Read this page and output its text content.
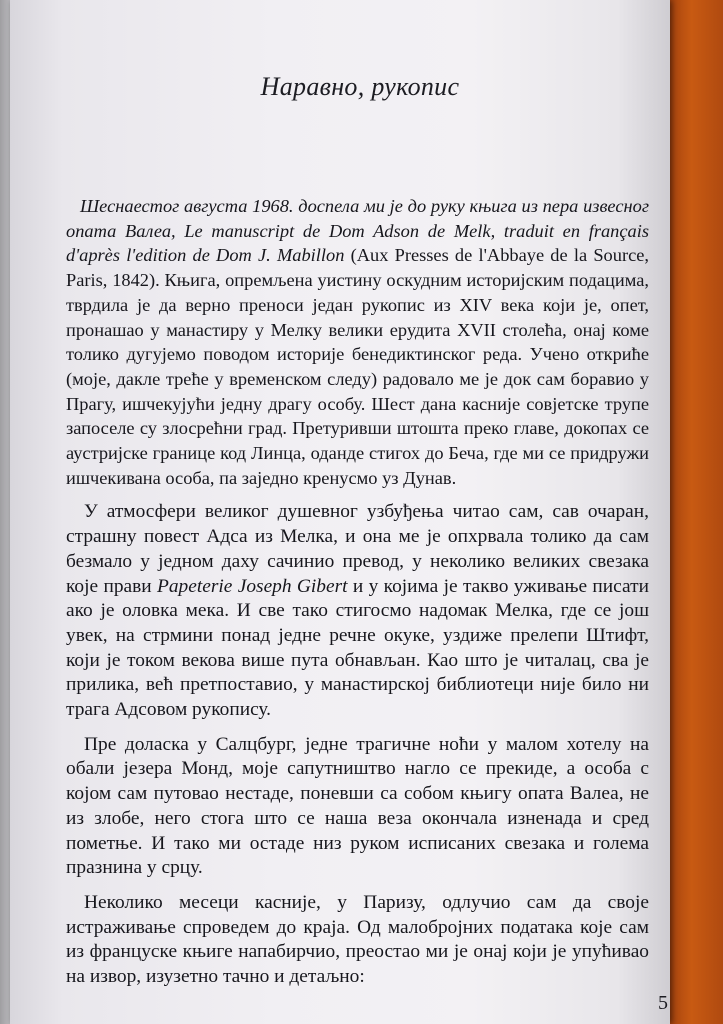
Наравно, рукопис

Шеснаестог августа 1968. доспела ми је до руку књига из пера извесног опата Валеа, Le manuscript de Dom Adson de Melk, traduit en français d'après l'edition de Dom J. Mabillon (Aux Presses de l'Abbaye de la Source, Paris, 1842). Књига, опремљена уистину оскудним историјским подацима, тврдила је да верно преноси један рукопис из XIV века који је, опет, пронашао у манастиру у Мелку велики ерудита XVII столећа, онај коме толико дугујемо поводом историје бенедиктинског реда. Учено откриће (моје, дакле треће у временском следу) радовало ме је док сам боравио у Прагу, ишчекујући једну драгу особу. Шест дана касније совјетске трупе запоселе су злосрећни град. Претуривши штошта преко главе, докопах се аустријске границе код Линца, оданде стигох до Беча, где ми се придружи ишчекивана особа, па заједно кренусмо уз Дунав.

У атмосфери великог душевног узбуђења читао сам, сав очаран, страшну повест Адса из Мелка, и она ме је опхрвала толико да сам безмало у једном даху сачинио превод, у неколико великих свезака које прави Papeterie Joseph Gibert и у којима је такво уживање писати ако је оловка мека. И све тако стигосмо надомак Мелка, где се још увек, на стрмини понад једне речне окуке, уздиже прелепи Штифт, који је током векова више пута обнављан. Као што је читалац, сва је прилика, већ претпоставио, у манастирској библиотеци није било ни трага Адсовом рукопису.

Пре доласка у Салцбург, једне трагичне ноћи у малом хотелу на обали језера Монд, моје сапутништво нагло се прекиде, а особа с којом сам путовао нестаде, поневши са собом књигу опата Валеа, не из злобе, него стога што се наша веза окончала изненада и сред пометње. И тако ми остаде низ руком исписаних свезака и голема празнина у срцу.

Неколико месеци касније, у Паризу, одлучио сам да своје истраживање спроведем до краја. Од малобројних података које сам из француске књиге напабирчио, преостао ми је онај који је упућивао на извор, изузетно тачно и детаљно:

5
